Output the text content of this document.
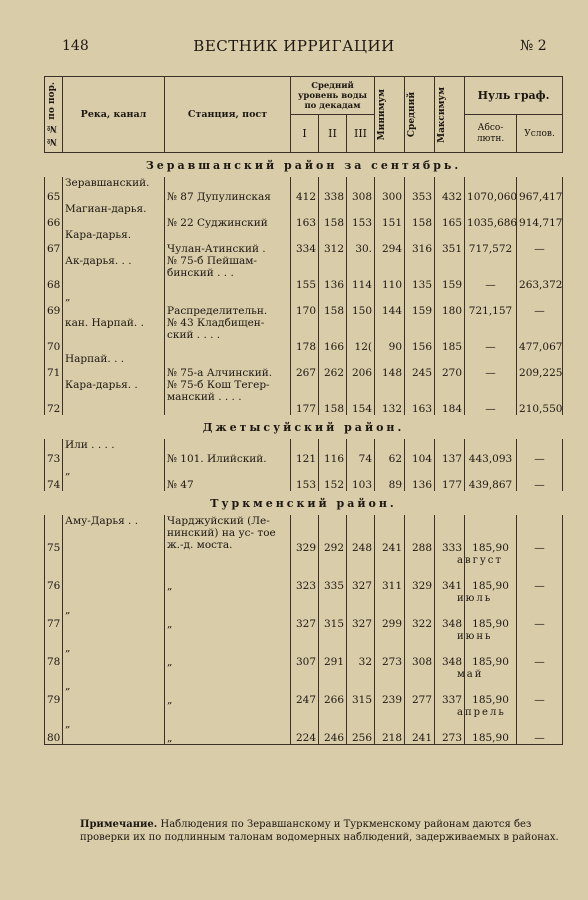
148	ВЕСТНИК ИРРИГАЦИИ	№ 2
№ № по пор.	Река, канал	Станция, пост	Средний уровень воды по декадам			Минимум	Средний	Максимум	Нуль граф.	
			I	II	III				Абсо- лютн.	Услов.
Зеравшанский район за сентябрь.										
65	Зеравшанский.	№ 87 Дупулинская	412	338	308	300	353	432	1070,060	967,417
66	Магиан-дарья.	№ 22 Суджинский	163	158	153	151	158	165	1035,686	914,717
67	Кара-дарья.	Чулан-Атинский .	334	312	30.	294	316	351	717,572	—
68	Ак-дарья. . .	№ 75-б Пейшам- бинский . . .	155	136	114	110	135	159	—	263,372
69	„	Распределительн.	170	158	150	144	159	180	721,157	—
70	кан. Нарпай. .	№ 43 Кладбищен- ский . . . .	178	166	12(	90	156	185	—	477,067
71	Нарпай. . .	№ 75-а Алчинский.	267	262	206	148	245	270	—	209,225
72	Кара-дарья. .	№ 75-б Кош Тегер- манский . . . .	177	158	154	132	163	184	—	210,550
Джетысуйский район.										
73	Или . . . .	№ 101. Илийский.	121	116	74	62	104	137	443,093	—
74	„	№ 47	153	152	103	89	136	177	439,867	—
Туркменский район.										
75	Аму-Дарья . .	Чарджуйский (Ле- нинский) на ус- тое ж.-д. моста.	329	292	248	241	288	333	185,90	—
									август	
76		„	323	335	327	311	329	341	185,90	—
									июль	
77	„	„	327	315	327	299	322	348	185,90	—
									июнь	
78	„	„	307	291	32	273	308	348	185,90	—
									май	
79	„	„	247	266	315	239	277	337	185,90	—
									апрель	
80	„	„	224	246	256	218	241	273	185,90	—
Примечание. Наблюдения по Зеравшанскому и Туркменскому районам даются без проверки их по подлинным талонам водомерных наблюдений, задерживаемых в районах.
